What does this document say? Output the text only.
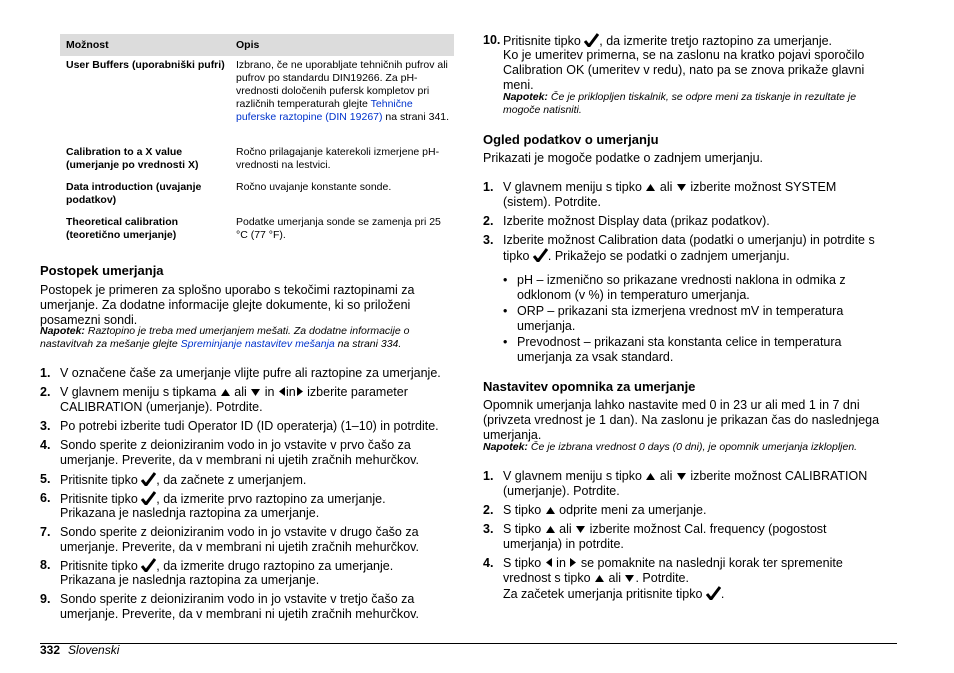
Možnost	Opis
User Buffers (uporabniški pufri)	Izbrano, če ne uporabljate tehničnih pufrov ali pufrov po standardu DIN19266. Za pH-vrednosti določenih pufersk kompletov pri različnih temperaturah glejte Tehnične puferske raztopine (DIN 19267) na strani 341.
Calibration to a X value (umerjanje po vrednosti X)	Ročno prilagajanje katerekoli izmerjene pH-vrednosti na lestvici.
Data introduction (uvajanje podatkov)	Ročno uvajanje konstante sonde.
Theoretical calibration (teoretično umerjanje)	Podatke umerjanja sonde se zamenja pri 25 °C (77 °F).
Postopek umerjanja

Postopek je primeren za splošno uporabo s tekočimi raztopinami za umerjanje. Za dodatne informacije glejte dokumente, ki so priloženi posamezni sondi.

Napotek: Raztopino je treba med umerjanjem mešati. Za dodatne informacije o nastavitvah za mešanje glejte Spreminjanje nastavitev mešanja na strani 334.

1. V označene čaše za umerjanje vlijte pufre ali raztopine za umerjanje.
2. V glavnem meniju s tipkama  ali  in in izberite parameter
CALIBRATION (umerjanje). Potrdite.
3. Po potrebi izberite tudi Operator ID (ID operaterja) (1–10) in potrdite.
4. Sondo sperite z deioniziranim vodo in jo vstavite v prvo čašo za
umerjanje. Preverite, da v membrani ni ujetih zračnih mehurčkov.
5. Pritisnite tipko , da začnete z umerjanjem.
6. Pritisnite tipko , da izmerite prvo raztopino za umerjanje.
Prikazana je naslednja raztopina za umerjanje.
7. Sondo sperite z deioniziranim vodo in jo vstavite v drugo čašo za
umerjanje. Preverite, da v membrani ni ujetih zračnih mehurčkov.
8. Pritisnite tipko , da izmerite drugo raztopino za umerjanje.
Prikazana je naslednja raztopina za umerjanje.
9. Sondo sperite z deioniziranim vodo in jo vstavite v tretjo čašo za
umerjanje. Preverite, da v membrani ni ujetih zračnih mehurčkov.
10. Pritisnite tipko , da izmerite tretjo raztopino za umerjanje.
Ko je umeritev primerna, se na zaslonu na kratko pojavi sporočilo
Calibration OK (umeritev v redu), nato pa se znova prikaže glavni
meni.

Napotek: Če je priklopljen tiskalnik, se odpre meni za tiskanje in rezultate je
mogoče natisniti.

Ogled podatkov o umerjanju

Prikazati je mogoče podatke o zadnjem umerjanju.

1. V glavnem meniju s tipko  ali  izberite možnost SYSTEM
(sistem). Potrdite.
2. Izberite možnost Display data (prikaz podatkov).
3. Izberite možnost Calibration data (podatki o umerjanju) in potrdite s
tipko . Prikažejo se podatki o zadnjem umerjanju.
• pH – izmenično so prikazane vrednosti naklona in odmika z
odklonom (v %) in temperaturo umerjanja.
• ORP – prikazani sta izmerjena vrednost mV in temperatura
umerjanja.
• Prevodnost – prikazani sta konstanta celice in temperatura
umerjanja za vsak standard.
Nastavitev opomnika za umerjanje

Opomnik umerjanja lahko nastavite med 0 in 23 ur ali med 1 in 7 dni
(privzeta vrednost je 1 dan). Na zaslonu je prikazan čas do naslednjega
umerjanja.

Napotek: Če je izbrana vrednost 0 days (0 dni), je opomnik umerjanja izklopljen.

1. V glavnem meniju s tipko  ali  izberite možnost CALIBRATION
(umerjanje). Potrdite.
2. S tipko  odprite meni za umerjanje.
3. S tipko  ali  izberite možnost Cal. frequency (pogostost
umerjanja) in potrdite.
4. S tipko  in  se pomaknite na naslednji korak ter spremenite
vrednost s tipko  ali . Potrdite.
Za začetek umerjanja pritisnite tipko .
332 Slovenski
